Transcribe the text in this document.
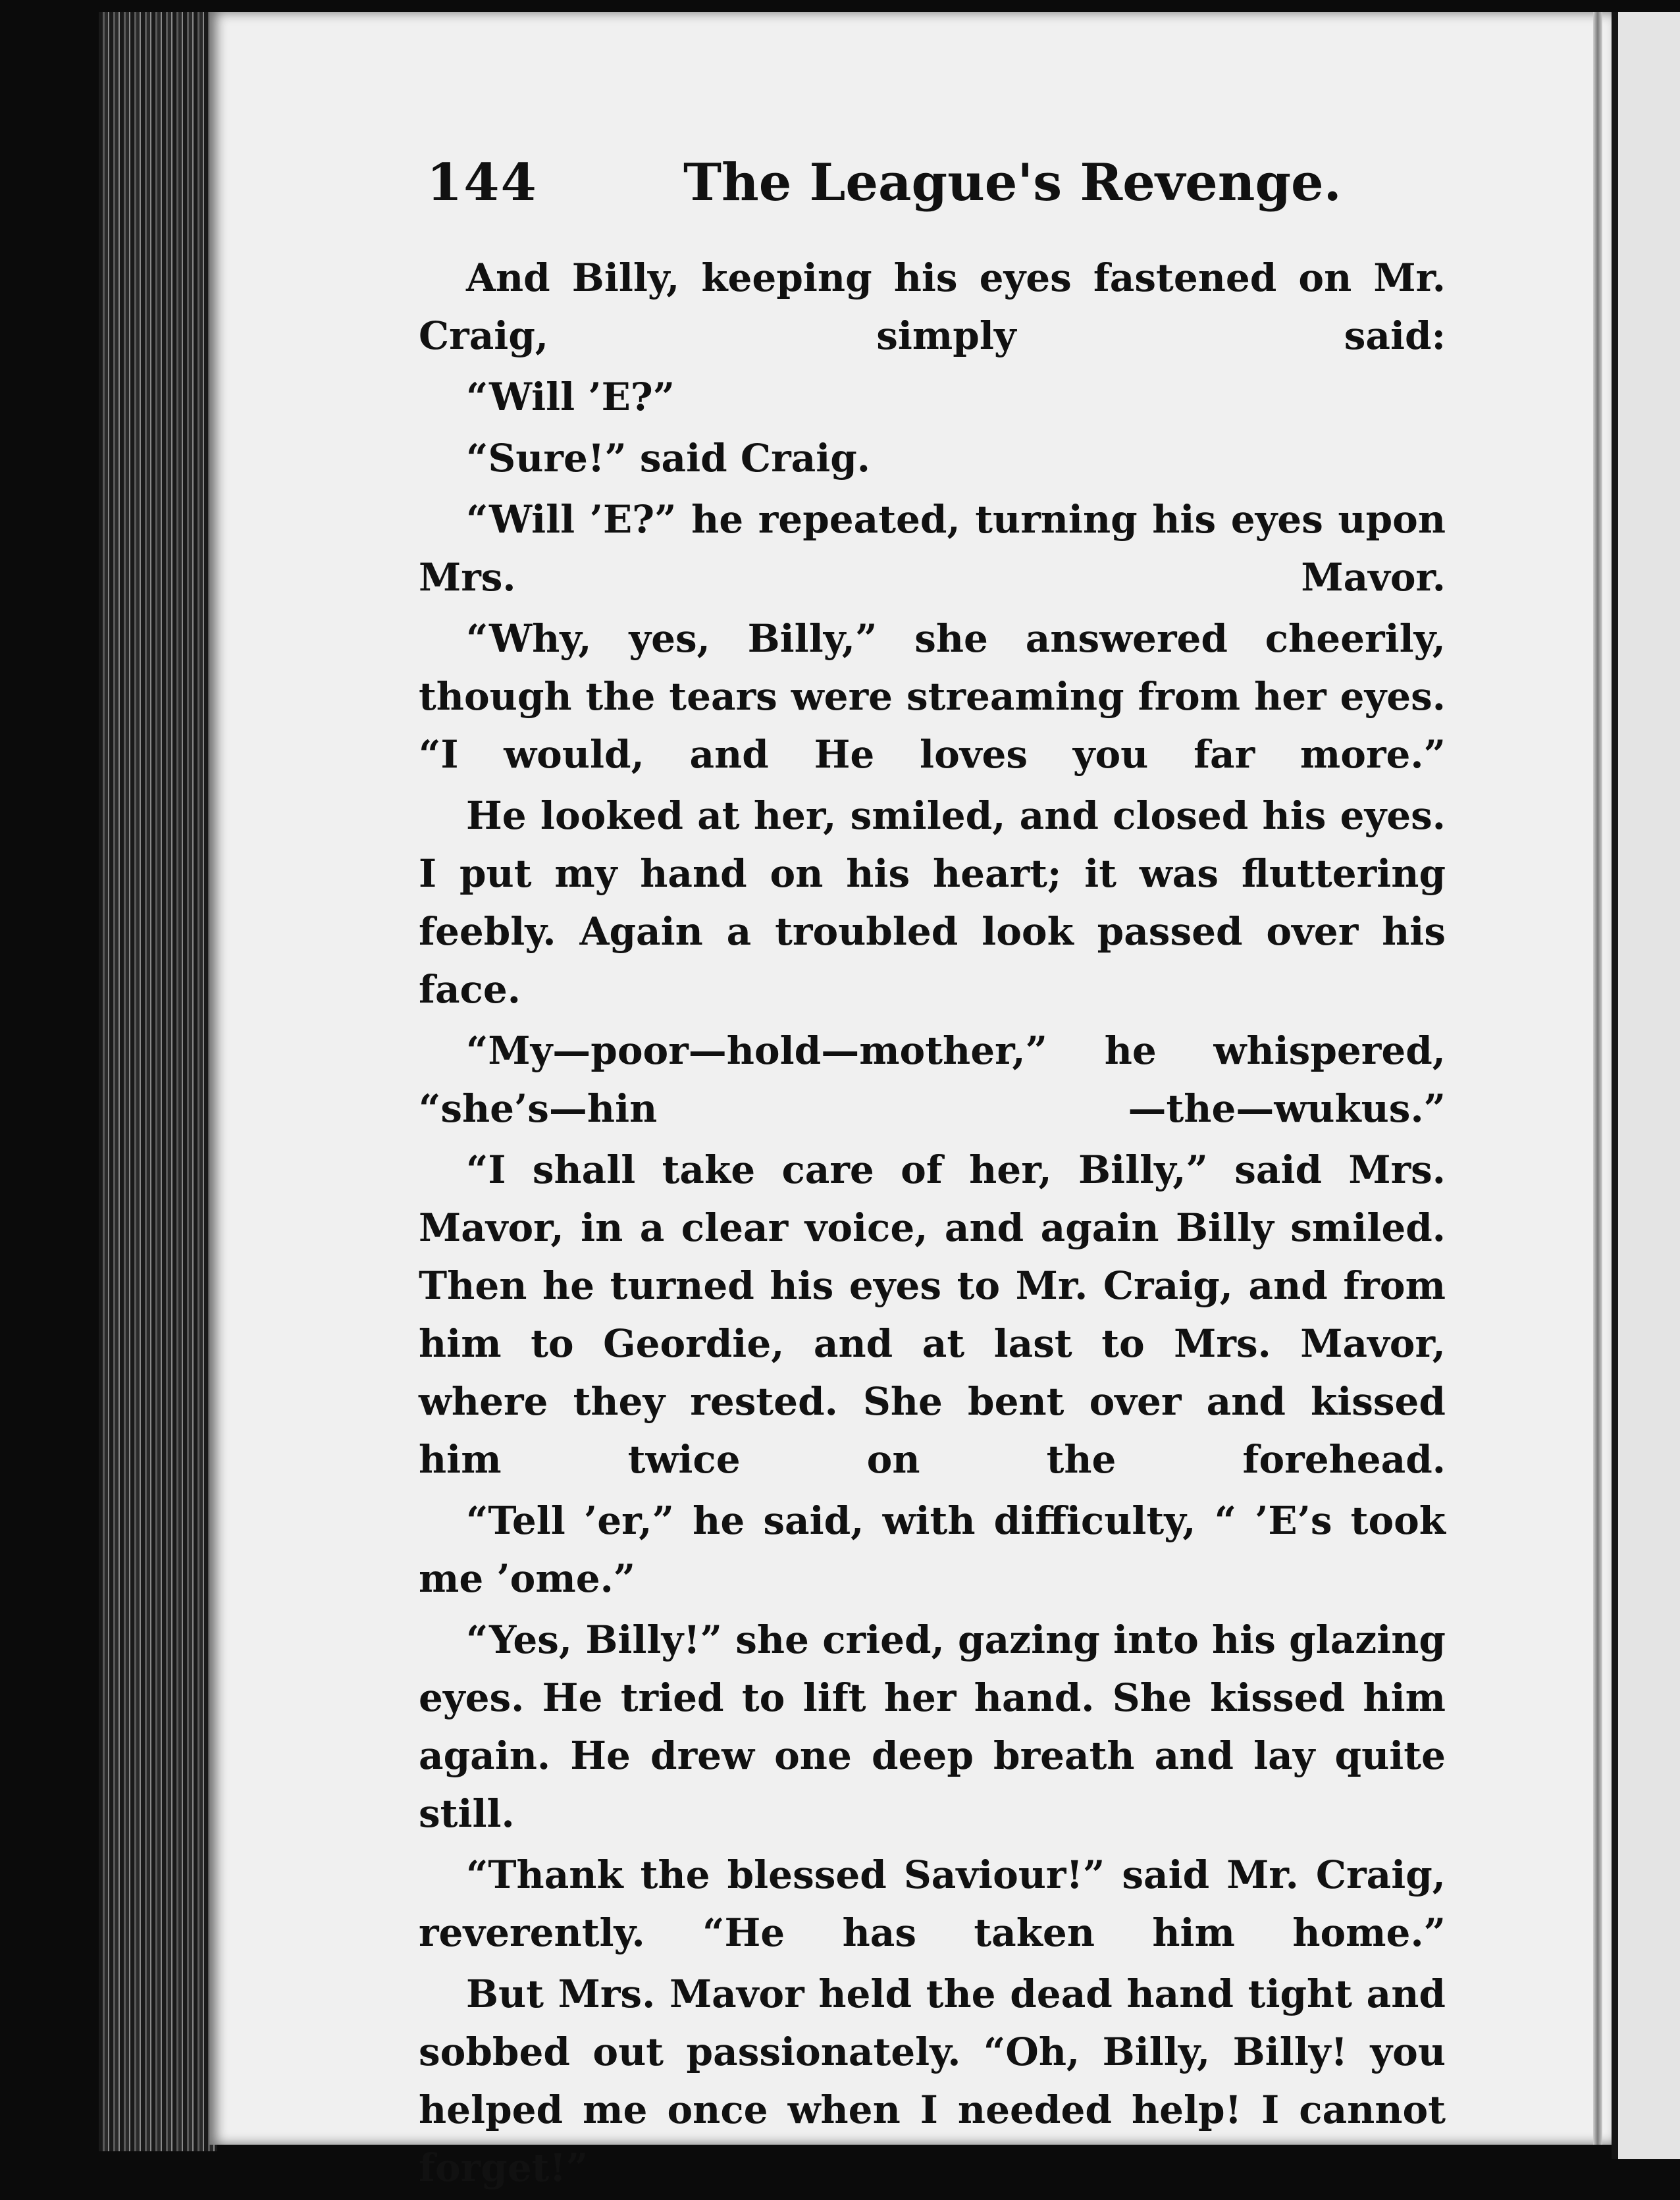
144	The League's Revenge.

And Billy, keeping his eyes fastened on Mr. Craig, simply said:

“Will ’E?”

“Sure!” said Craig.

“Will ’E?” he repeated, turning his eyes upon Mrs. Mavor.

“Why, yes, Billy,” she answered cheerily, though the tears were streaming from her eyes. “I would, and He loves you far more.”

He looked at her, smiled, and closed his eyes. I put my hand on his heart; it was fluttering feebly. Again a troubled look passed over his face.

“My—poor—hold—mother,” he whispered, “she’s—hin —the—wukus.”

“I shall take care of her, Billy,” said Mrs. Mavor, in a clear voice, and again Billy smiled. Then he turned his eyes to Mr. Craig, and from him to Geordie, and at last to Mrs. Mavor, where they rested. She bent over and kissed him twice on the forehead.

“Tell ’er,” he said, with difficulty, “ ’E’s took me ’ome.”

“Yes, Billy!” she cried, gazing into his glazing eyes. He tried to lift her hand. She kissed him again. He drew one deep breath and lay quite still.

“Thank the blessed Saviour!” said Mr. Craig, reverently. “He has taken him home.”

But Mrs. Mavor held the dead hand tight and sobbed out passionately. “Oh, Billy, Billy! you helped me once when I needed help! I cannot forget!”
